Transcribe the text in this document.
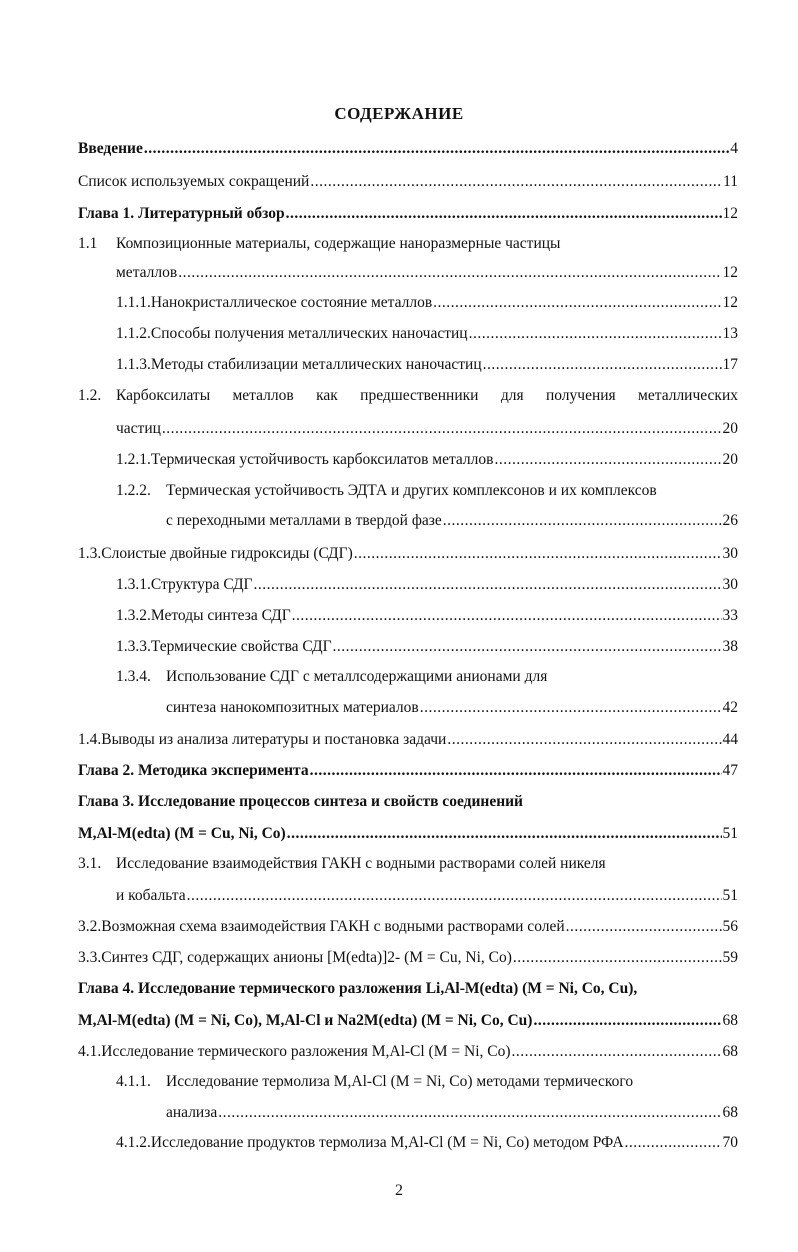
СОДЕРЖАНИЕ
Введение .....	4
Список используемых сокращений .....	11
Глава 1. Литературный обзор .....	12
1.1	Композиционные материалы, содержащие наноразмерные частицы
металлов .....	12
1.1.1. Нанокристаллическое состояние металлов .....	12
1.1.2. Способы получения металлических наночастиц .....	13
1.1.3. Методы стабилизации металлических наночастиц .....	17
1.2. Карбоксилаты металлов как предшественники для получения металлических
частиц .....	20
1.2.1. Термическая устойчивость карбоксилатов металлов .....	20
1.2.2. Термическая устойчивость ЭДТА и других комплексонов и их комплексов
с переходными металлами в твердой фазе .....	26
1.3. Слоистые двойные гидроксиды (СДГ) .....	30
1.3.1. Структура СДГ .....	30
1.3.2. Методы синтеза СДГ .....	33
1.3.3. Термические свойства СДГ .....	38
1.3.4. Использование СДГ с металлсодержащими анионами для
синтеза нанокомпозитных материалов .....	42
1.4. Выводы из анализа литературы и постановка задачи .....	44
Глава 2. Методика эксперимента .....	47
Глава 3. Исследование процессов синтеза и свойств соединений
M,Al-M(edta) (M = Cu, Ni, Co) .....	51
3.1. Исследование взаимодействия ГАКН с водными растворами солей никеля
и кобальта .....	51
3.2. Возможная схема взаимодействия ГАКН с водными растворами солей .....	56
3.3. Синтез СДГ, содержащих анионы [M(edta)]2- (M = Cu, Ni, Co) .....	59
Глава 4. Исследование термического разложения Li,Al-M(edta) (M = Ni, Co, Cu),
M,Al-M(edta) (M = Ni, Co), M,Al-Cl и Na2M(edta) (M = Ni, Co, Cu) .....	68
4.1. Исследование термического разложения M,Al-Cl (M = Ni, Co) .....	68
4.1.1. Исследование термолиза M,Al-Cl (M = Ni, Co) методами термического
анализа .....	68
4.1.2. Исследование продуктов термолиза M,Al-Cl (M = Ni, Co) методом РФА .....	70
2
